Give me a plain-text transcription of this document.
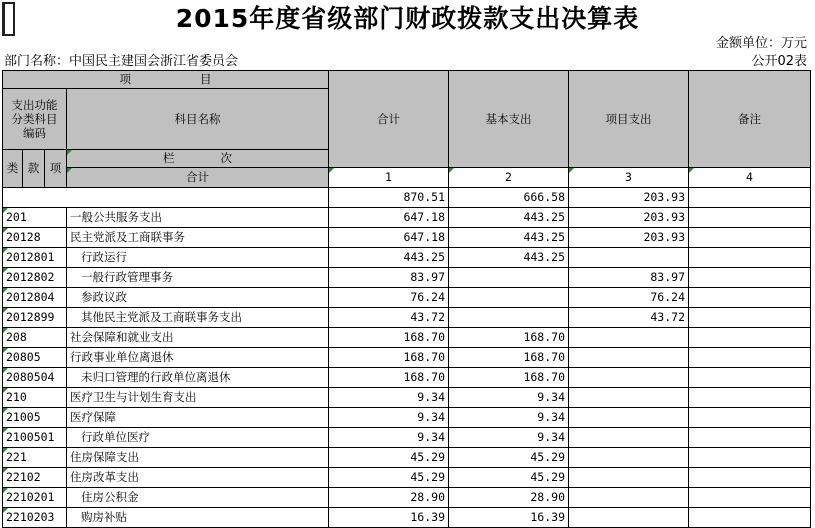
2015年度省级部门财政拨款支出决算表
金额单位：万元
部门名称：中国民主建国会浙江省委员会	公开02表
项　　　　　　目				合计	基本支出	项目支出	备注
支出功能分类科目编码			科目名称				
类	款	项	栏　　　　次				
			合计	1	2	3	4
				870.51	666.58	203.93	
201			一般公共服务支出	647.18	443.25	203.93	
20128			民主党派及工商联事务	647.18	443.25	203.93	
2012801			行政运行	443.25	443.25		
2012802			一般行政管理事务	83.97		83.97	
2012804			参政议政	76.24		76.24	
2012899			其他民主党派及工商联事务支出	43.72		43.72	
208			社会保障和就业支出	168.70	168.70		
20805			行政事业单位离退休	168.70	168.70		
2080504			未归口管理的行政单位离退休	168.70	168.70		
210			医疗卫生与计划生育支出	9.34	9.34		
21005			医疗保障	9.34	9.34		
2100501			行政单位医疗	9.34	9.34		
221			住房保障支出	45.29	45.29		
22102			住房改革支出	45.29	45.29		
2210201			住房公积金	28.90	28.90		
2210203			购房补贴	16.39	16.39		
